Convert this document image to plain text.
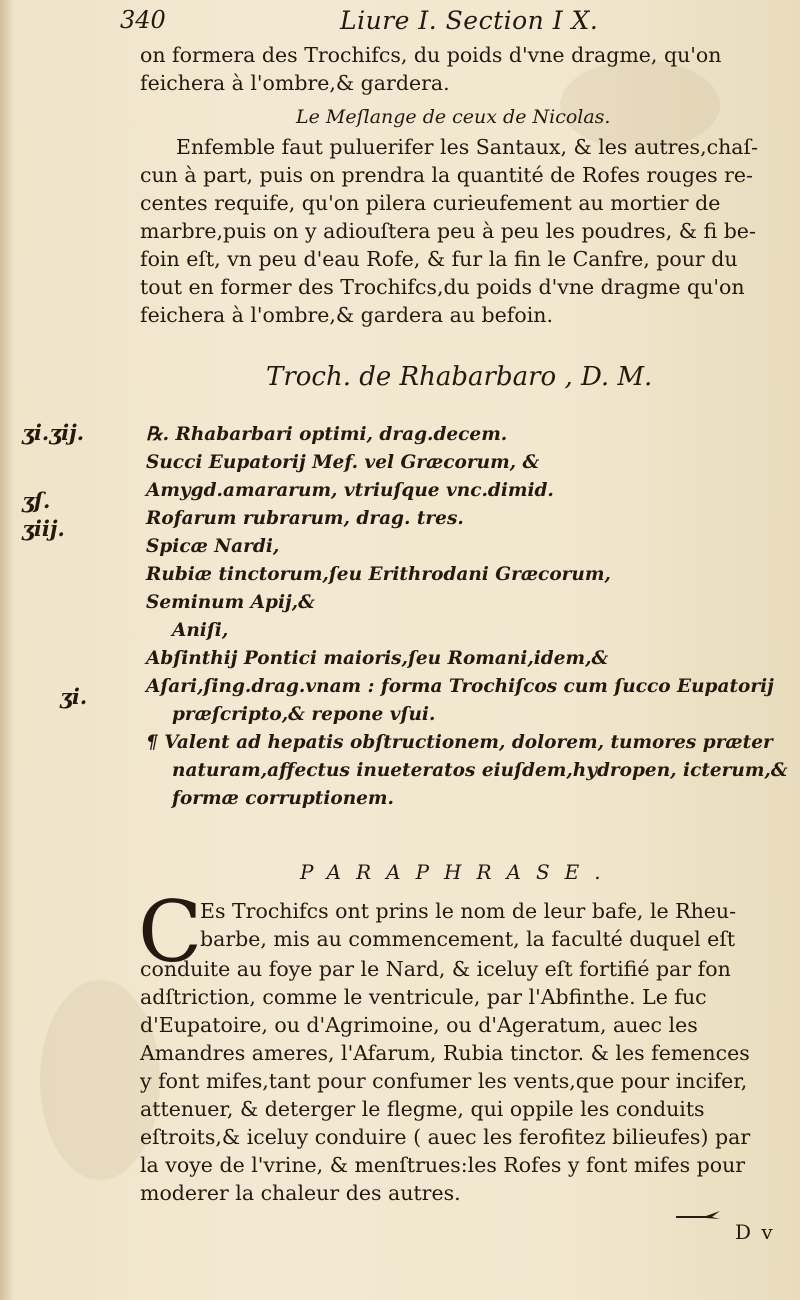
340	Liure I. Section I X.
on formera des Trochifcs, du poids d'vne dragme, qu'on
feichera à l'ombre,& gardera.
Le Meſlange de ceux de Nicolas.
Enfemble faut puluerifer les Santaux, & les autres,chaſ-
cun à part, puis on prendra la quantité de Rofes rouges re-
centes requife, qu'on pilera curieufement au mortier de
marbre,puis on y adiouſtera peu à peu les poudres, & fi be-
foin eſt, vn peu d'eau Rofe, & fur la fin le Canfre, pour du
tout en former des Trochifcs,du poids d'vne dragme qu'on
feichera à l'ombre,& gardera au befoin.
Troch. de Rhabarbaro , D. M.
ʒi.ʒij.
ʒſ.
ʒiij.
ʒi.
℞. Rhabarbari optimi, drag.decem.
Succi Eupatorij Mef. vel Græcorum, &
Amygd.amararum, vtriuſque vnc.dimid.
Rofarum rubrarum, drag. tres.
Spicæ Nardi,
Rubiæ tinctorum,ſeu Erithrodani Græcorum,
Seminum Apij,&
Aniſi,
Abſinthij Pontici maioris,ſeu Romani,idem,&
Aſari,ſing.drag.vnam : forma Trochiſcos cum ſucco Eupatorij
præſcripto,& repone vſui.
¶ Valent ad hepatis obſtructionem, dolorem, tumores præter
naturam,affectus inueteratos eiuſdem,hydropen, icterum,&
formæ corruptionem.
PARAPHRASE.
C
Es Trochifcs ont prins le nom de leur bafe, le Rheu-
barbe, mis au commencement, la faculté duquel eſt
conduite au foye par le Nard, & iceluy eſt fortifié par fon
adſtriction, comme le ventricule, par l'Abfinthe. Le fuc
d'Eupatoire, ou d'Agrimoine, ou d'Ageratum, auec les
Amandres ameres, l'Afarum, Rubia tinctor. & les femences
y font mifes,tant pour confumer les vents,que pour incifer,
attenuer, & deterger le flegme, qui oppile les conduits
eſtroits,& iceluy conduire ( auec les ferofitez bilieufes) par
la voye de l'vrine, & menſtrues:les Rofes y font mifes pour
moderer la chaleur des autres.
D v
